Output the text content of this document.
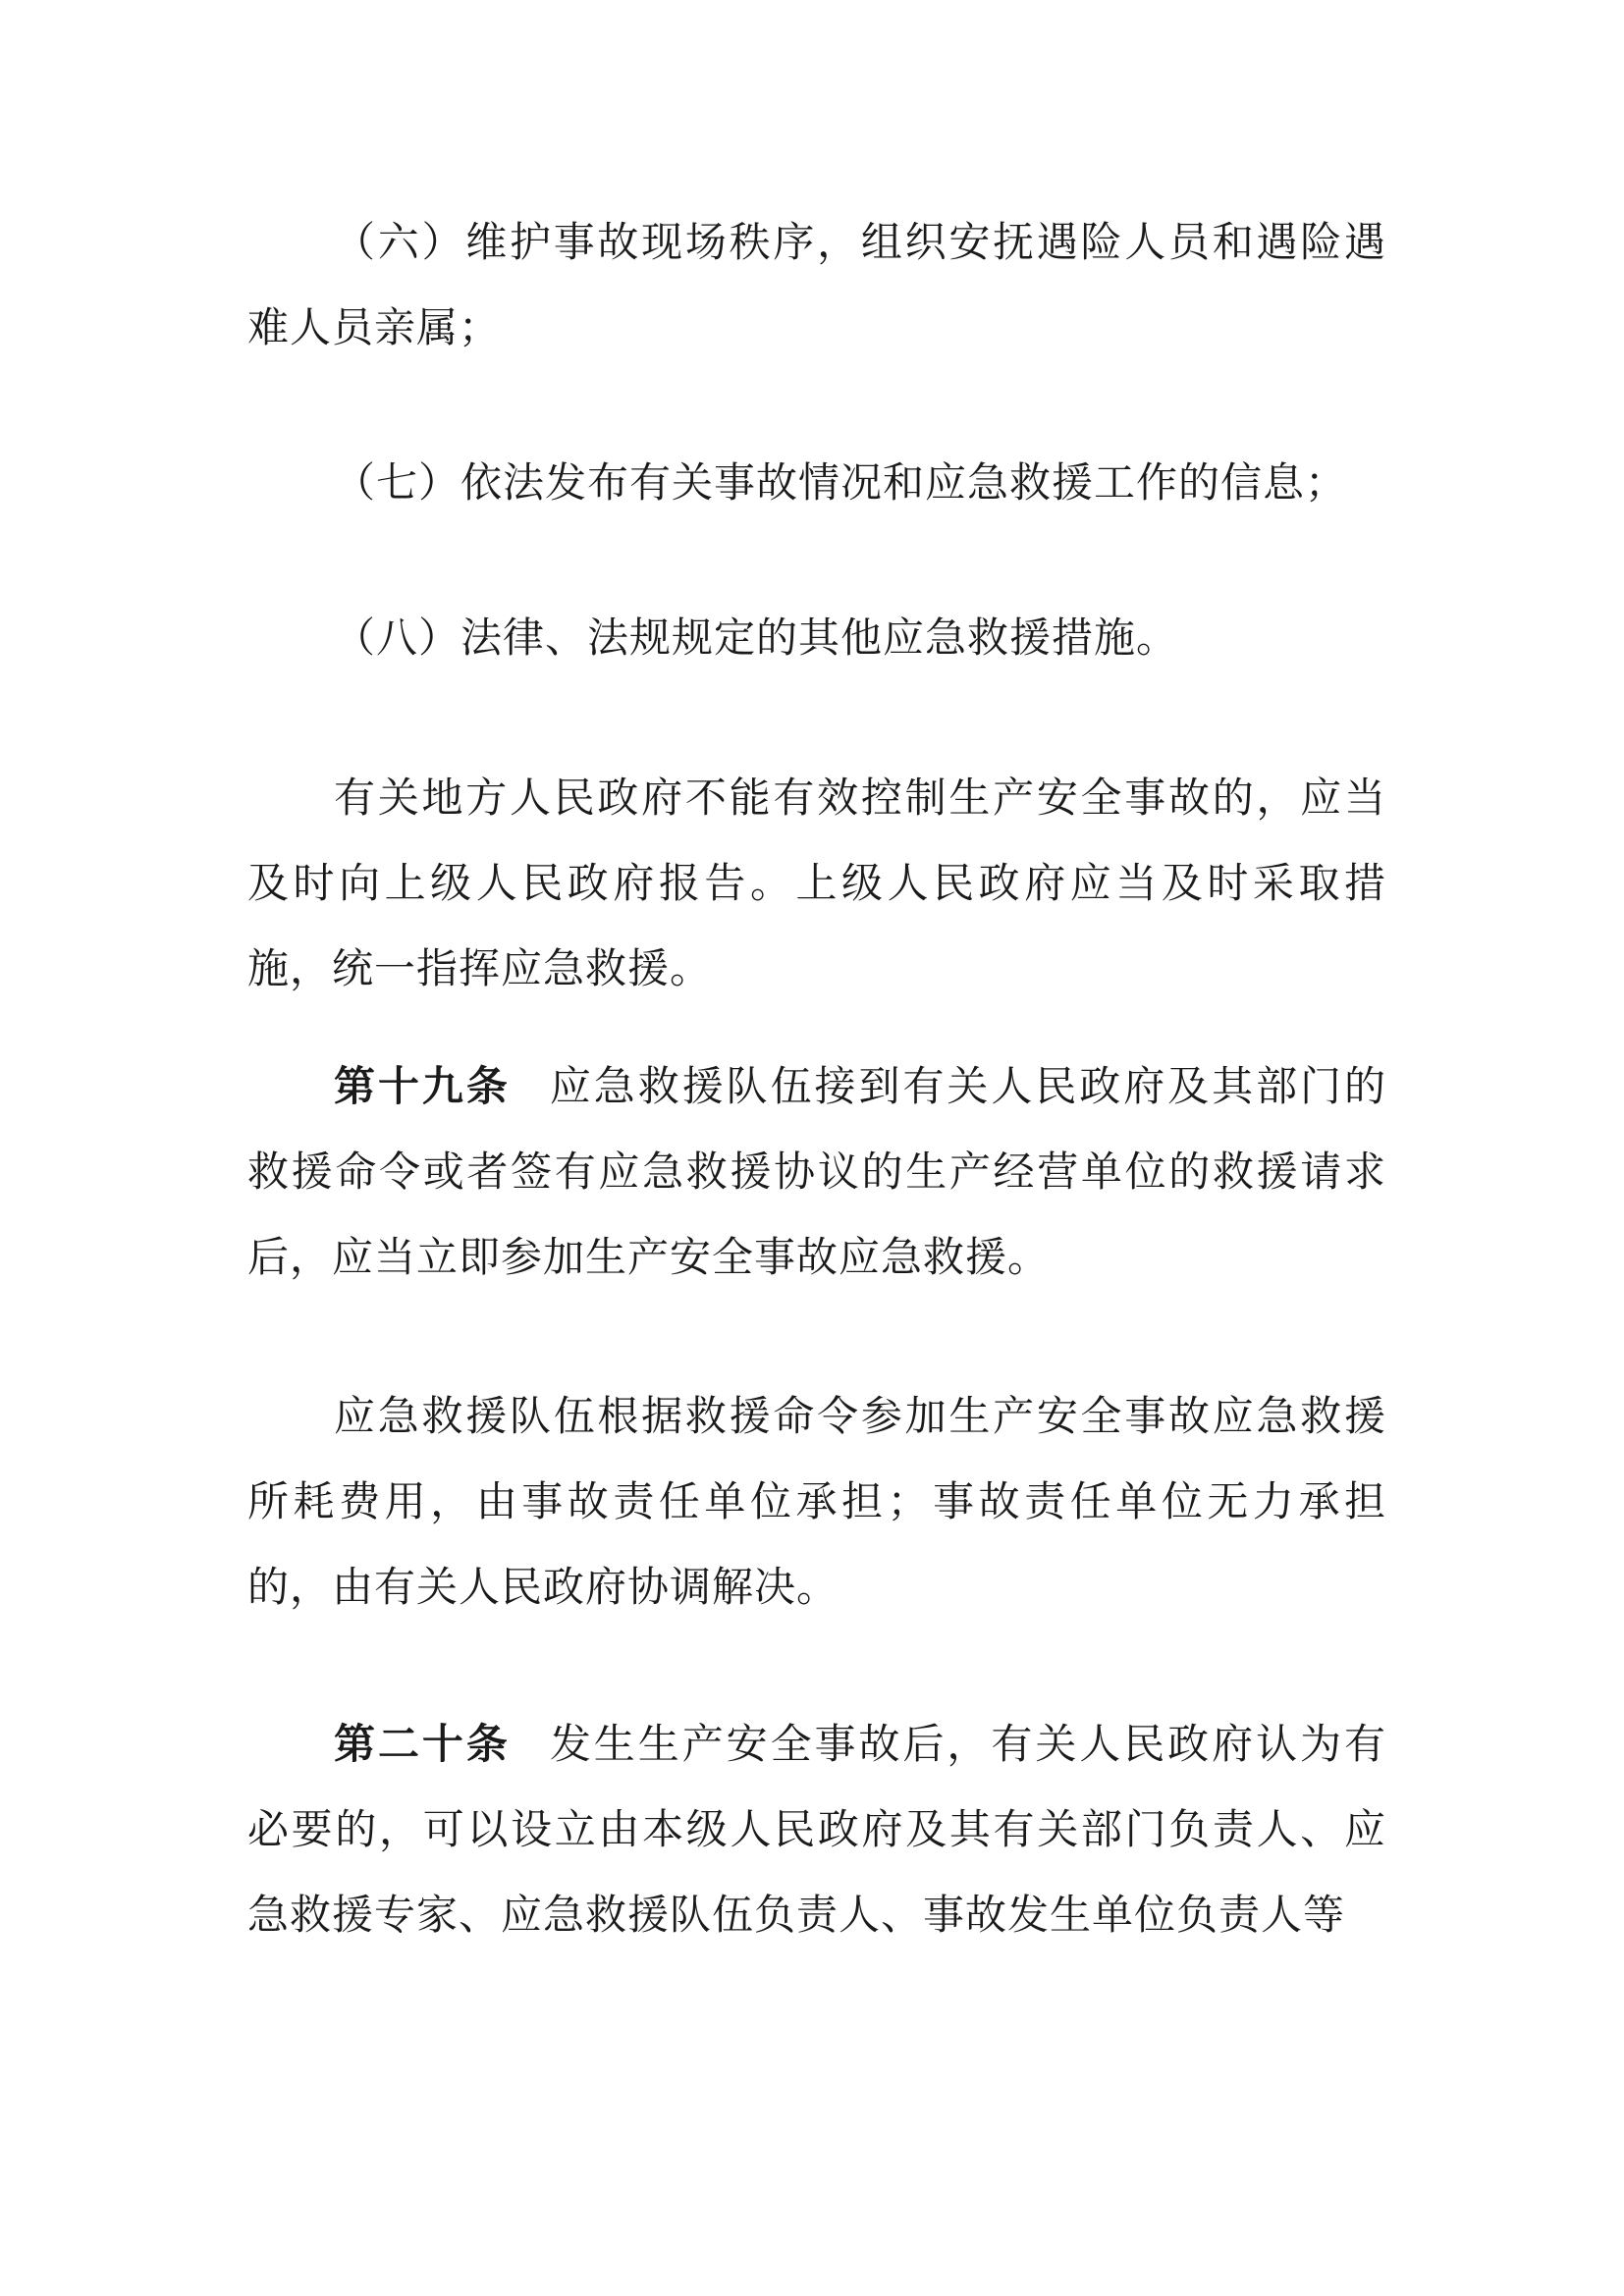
（六）维护事故现场秩序，组织安抚遇险人员和遇险遇难人员亲属；

（七）依法发布有关事故情况和应急救援工作的信息；

（八）法律、法规规定的其他应急救援措施。

有关地方人民政府不能有效控制生产安全事故的，应当及时向上级人民政府报告。上级人民政府应当及时采取措施，统一指挥应急救援。

第十九条 应急救援队伍接到有关人民政府及其部门的救援命令或者签有应急救援协议的生产经营单位的救援请求后，应当立即参加生产安全事故应急救援。

应急救援队伍根据救援命令参加生产安全事故应急救援所耗费用，由事故责任单位承担；事故责任单位无力承担的，由有关人民政府协调解决。

第二十条 发生生产安全事故后，有关人民政府认为有必要的，可以设立由本级人民政府及其有关部门负责人、应急救援专家、应急救援队伍负责人、事故发生单位负责人等
